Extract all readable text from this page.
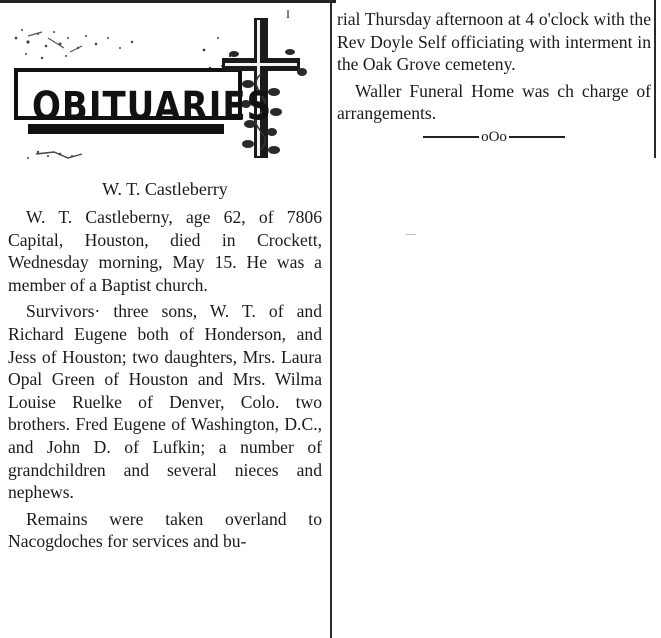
I
OBITUARIES
W. T. Castleberry

W. T. Castleberny, age 62, of 7806 Capital, Houston, died in Crockett, Wednesday morning, May 15. He was a member of a Baptist church.

Survivors· three sons, W. T. of and Richard Eugene both of Honderson, and Jess of Houston; two daughters, Mrs. Laura Opal Green of Houston and Mrs. Wilma Louise Ruelke of Denver, Colo. two brothers. Fred Eugene of Washington, D.C., and John D. of Lufkin; a number of grandchildren and several nieces and nephews.

Remains were taken overland to Nacogdoches for services and bu-

rial Thursday afternoon at 4 o'clock with the Rev Doyle Self officiating with interment in the Oak Grove cemeteny.

Waller Funeral Home was ch charge of arrangements.

oOo
